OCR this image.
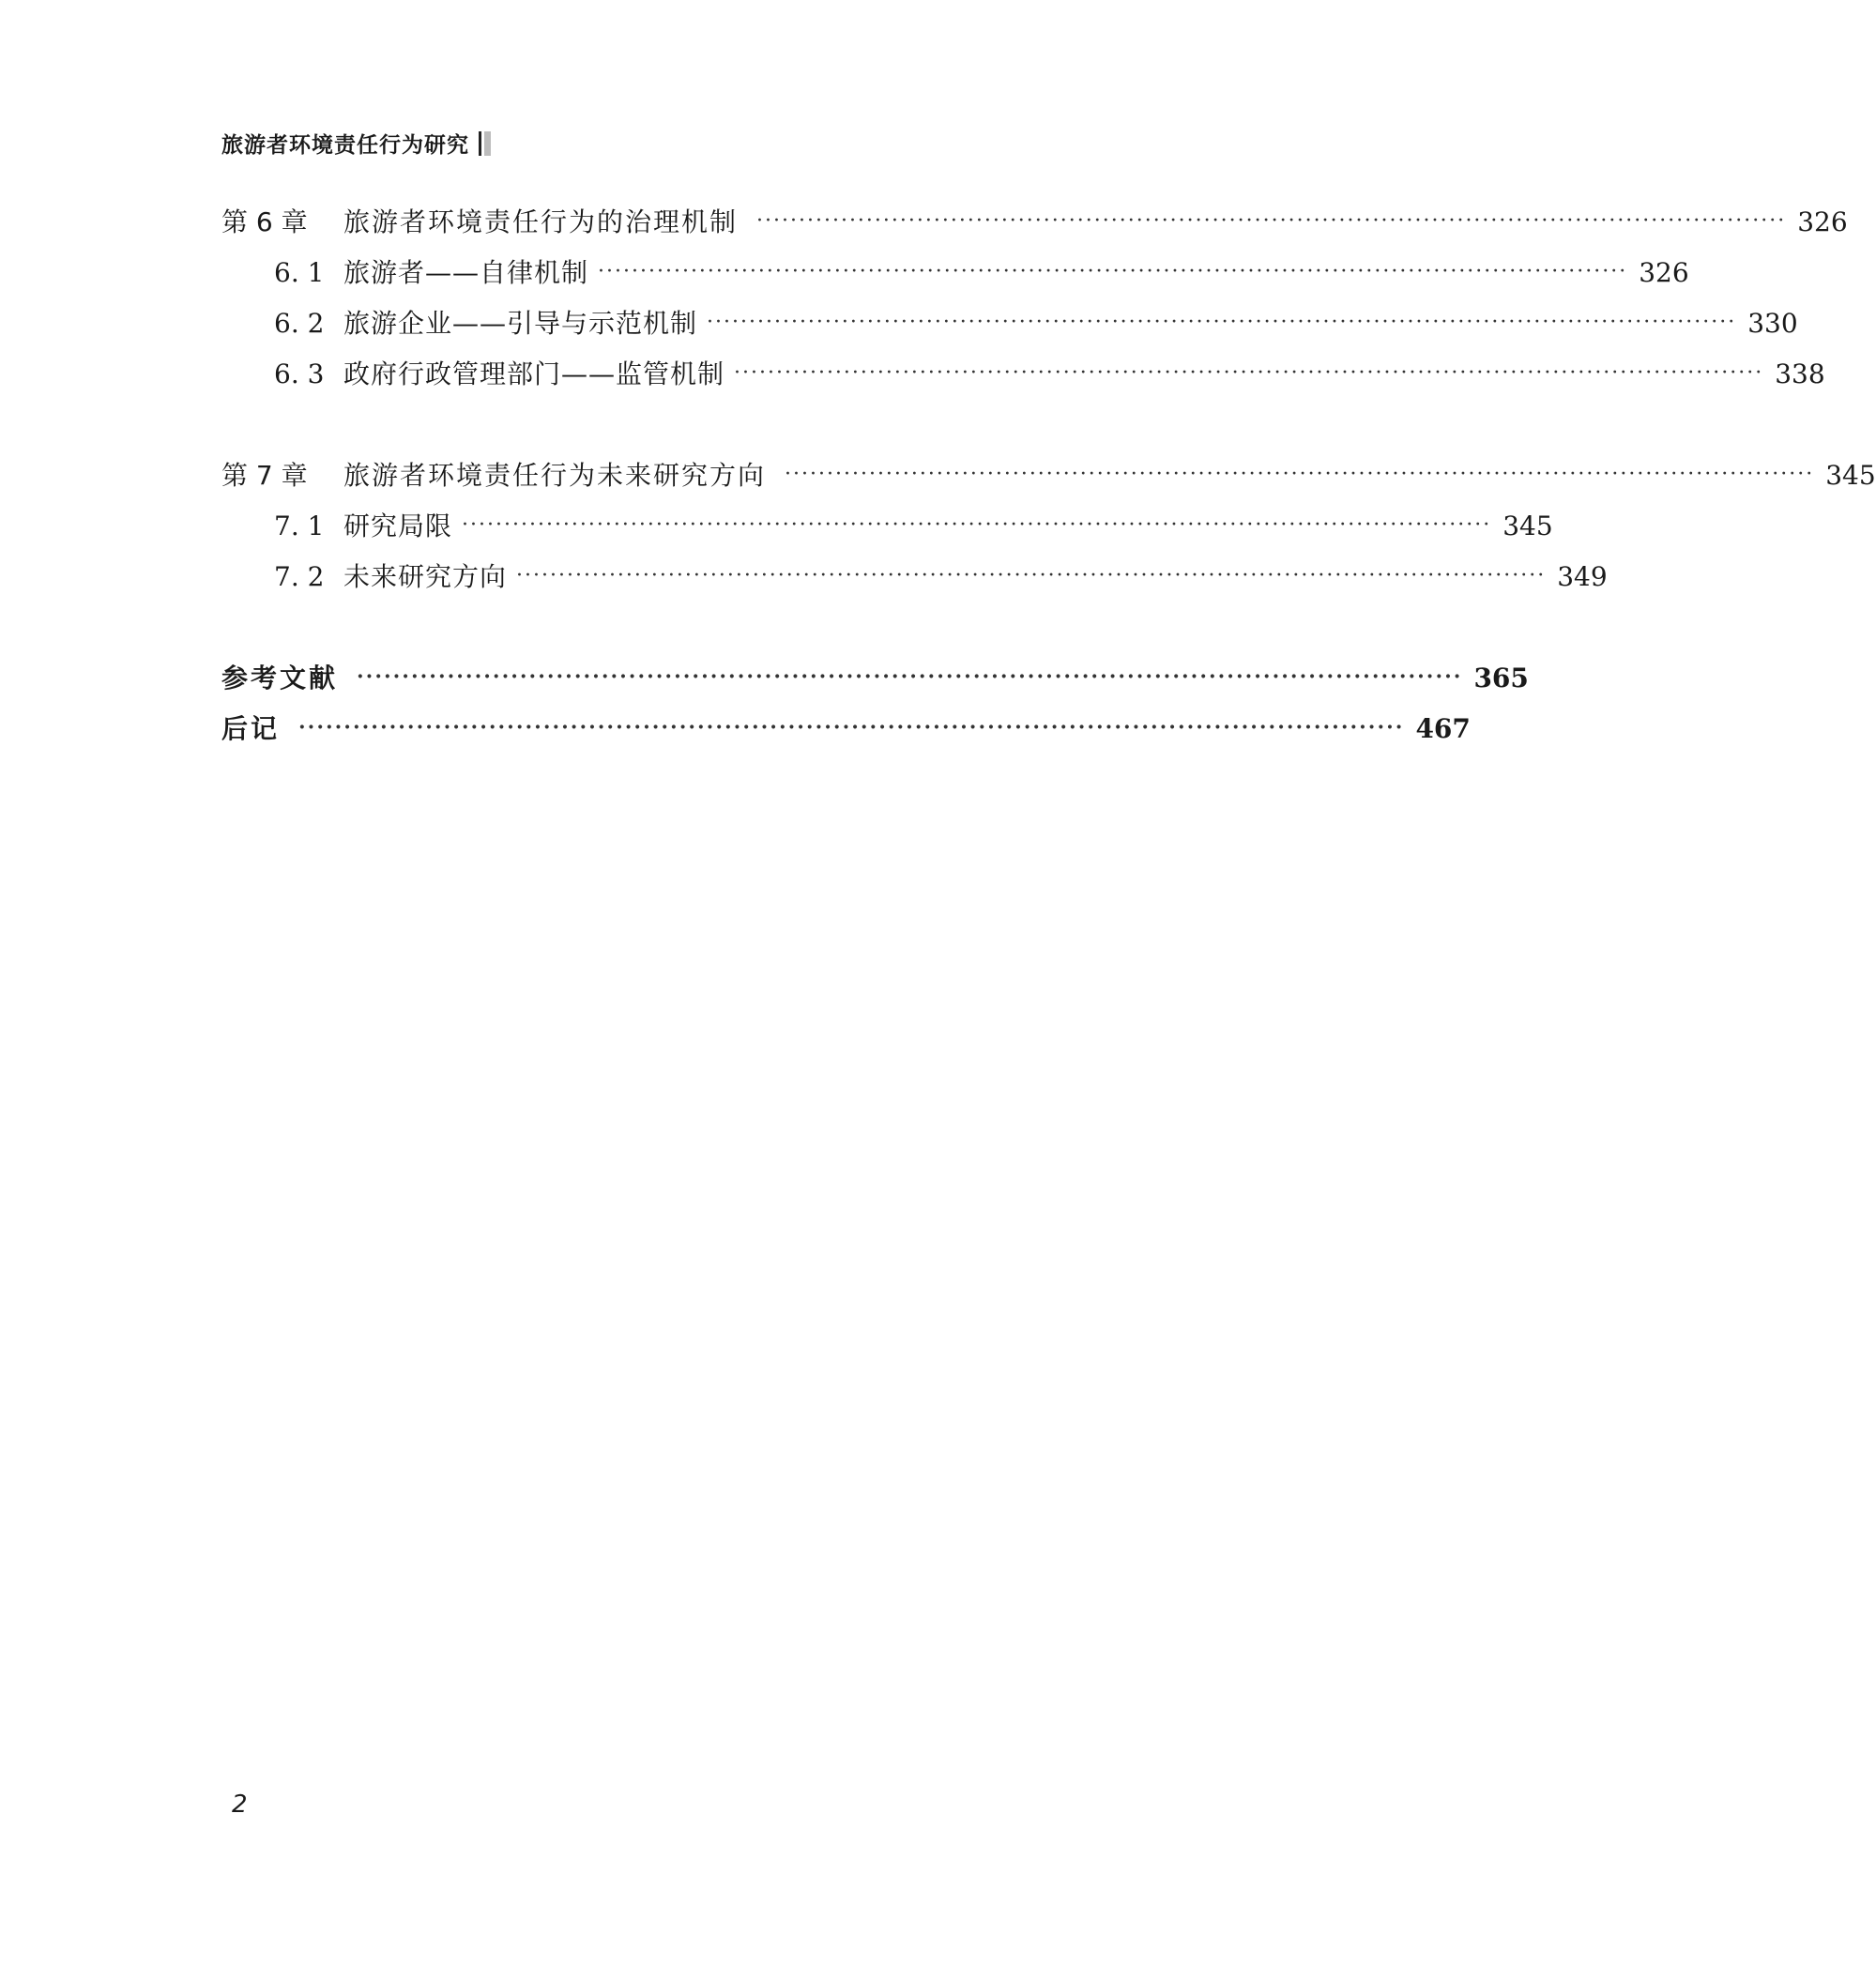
旅游者环境责任行为研究
第 6 章	旅游者环境责任行为的治理机制 ·························································································································· 326
6. 1 旅游者——自律机制 ·························································································································· 326
6. 2 旅游企业——引导与示范机制 ·························································································································· 330
6. 3 政府行政管理部门——监管机制 ·························································································································· 338
第 7 章	旅游者环境责任行为未来研究方向 ·························································································································· 345
7. 1 研究局限 ·························································································································· 345
7. 2 未来研究方向 ·························································································································· 349
参考文献 ·························································································································· 365
后记 ·························································································································· 467
2
